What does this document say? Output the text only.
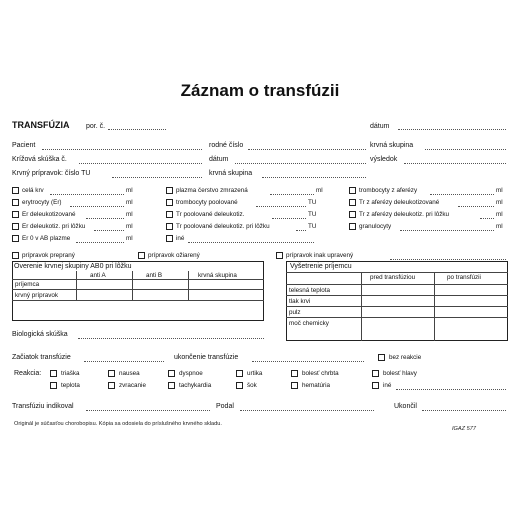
Záznam o transfúzii
TRANSFÚZIA por. č.	dátum
Pacient	rodné číslo	krvná skupina
Krížová skúška č.	dátum	výsledok
Krvný prípravok: číslo TU	krvná skupina
celá krv	ml
erytrocyty (Er)	ml
Er deleukotizované	ml
Er deleukotiz. pri lôžku	ml
Er 0 v AB plazme	ml
plazma čerstvo zmrazená	ml
trombocyty poolované	TU
Tr poolované deleukotiz.	TU
Tr poolované deleukotiz. pri lôžku	TU
iné
trombocyty z aferézy	ml
Tr z aferézy deleukotizované	ml
Tr z aferézy deleukotiz. pri lôžku	ml
granulocyty	ml
prípravok prepraný	prípravok ožiarený	prípravok inak upravený
Overenie krvnej skupiny AB0 pri lôžku
anti A	anti B	krvná skupina
príjemca
krvný prípravok
Vyšetrenie príjemcu
pred transfúziou	po transfúzii
telesná teplota
tlak krvi
pulz
moč chemicky
Biologická skúška
Začiatok transfúzie	ukončenie transfúzie	bez reakcie
Reakcia:	triaška	nausea	dyspnoe	urtika	bolesť chrbta	bolesť hlavy
teplota	zvracanie	tachykardia	šok	hematúria	iné
Transfúziu indikoval	Podal	Ukončil
Originál je súčasťou chorobopisu. Kópia sa odosiela do príslušného krvného skladu.
IGAZ 577
